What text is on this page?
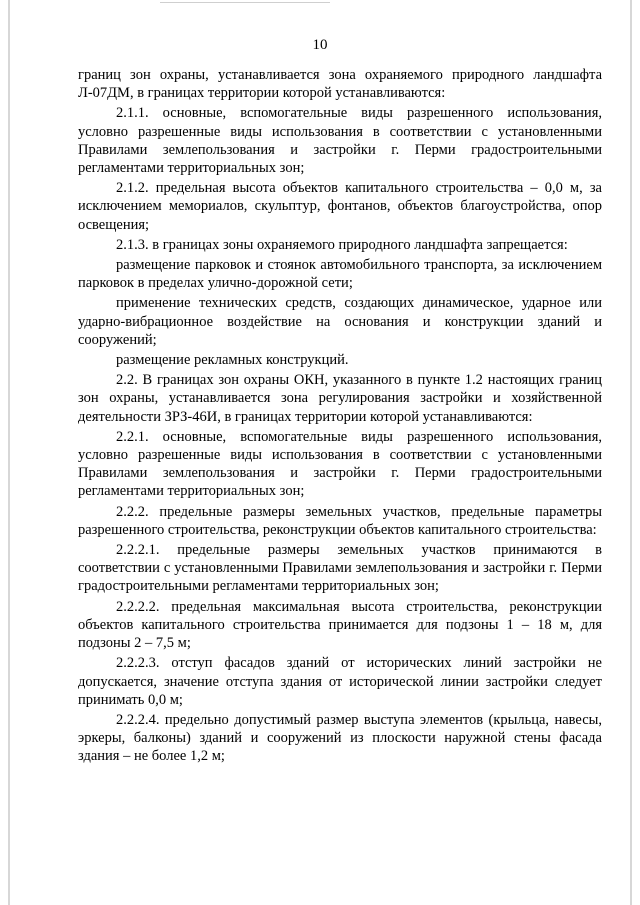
10

границ зон охраны, устанавливается зона охраняемого природного ландшафта Л-07ДМ, в границах территории которой устанавливаются:

2.1.1. основные, вспомогательные виды разрешенного использования, условно разрешенные виды использования в соответствии с установленными Правилами землепользования и застройки г. Перми градостроительными регламентами территориальных зон;

2.1.2. предельная высота объектов капитального строительства – 0,0 м, за исключением мемориалов, скульптур, фонтанов, объектов благоустройства, опор освещения;

2.1.3. в границах зоны охраняемого природного ландшафта запрещается:

размещение парковок и стоянок автомобильного транспорта, за исключением парковок в пределах улично-дорожной сети;

применение технических средств, создающих динамическое, ударное или ударно-вибрационное воздействие на основания и конструкции зданий и сооружений;

размещение рекламных конструкций.

2.2. В границах зон охраны ОКН, указанного в пункте 1.2 настоящих границ зон охраны, устанавливается зона регулирования застройки и хозяйственной деятельности ЗРЗ-46И, в границах территории которой устанавливаются:

2.2.1. основные, вспомогательные виды разрешенного использования, условно разрешенные виды использования в соответствии с установленными Правилами землепользования и застройки г. Перми градостроительными регламентами территориальных зон;

2.2.2. предельные размеры земельных участков, предельные параметры разрешенного строительства, реконструкции объектов капитального строительства:

2.2.2.1. предельные размеры земельных участков принимаются в соответствии с установленными Правилами землепользования и застройки г. Перми градостроительными регламентами территориальных зон;

2.2.2.2. предельная максимальная высота строительства, реконструкции объектов капитального строительства принимается для подзоны 1 – 18 м, для подзоны 2 – 7,5 м;

2.2.2.3. отступ фасадов зданий от исторических линий застройки не допускается, значение отступа здания от исторической линии застройки следует принимать 0,0 м;

2.2.2.4. предельно допустимый размер выступа элементов (крыльца, навесы, эркеры, балконы) зданий и сооружений из плоскости наружной стены фасада здания – не более 1,2 м;
